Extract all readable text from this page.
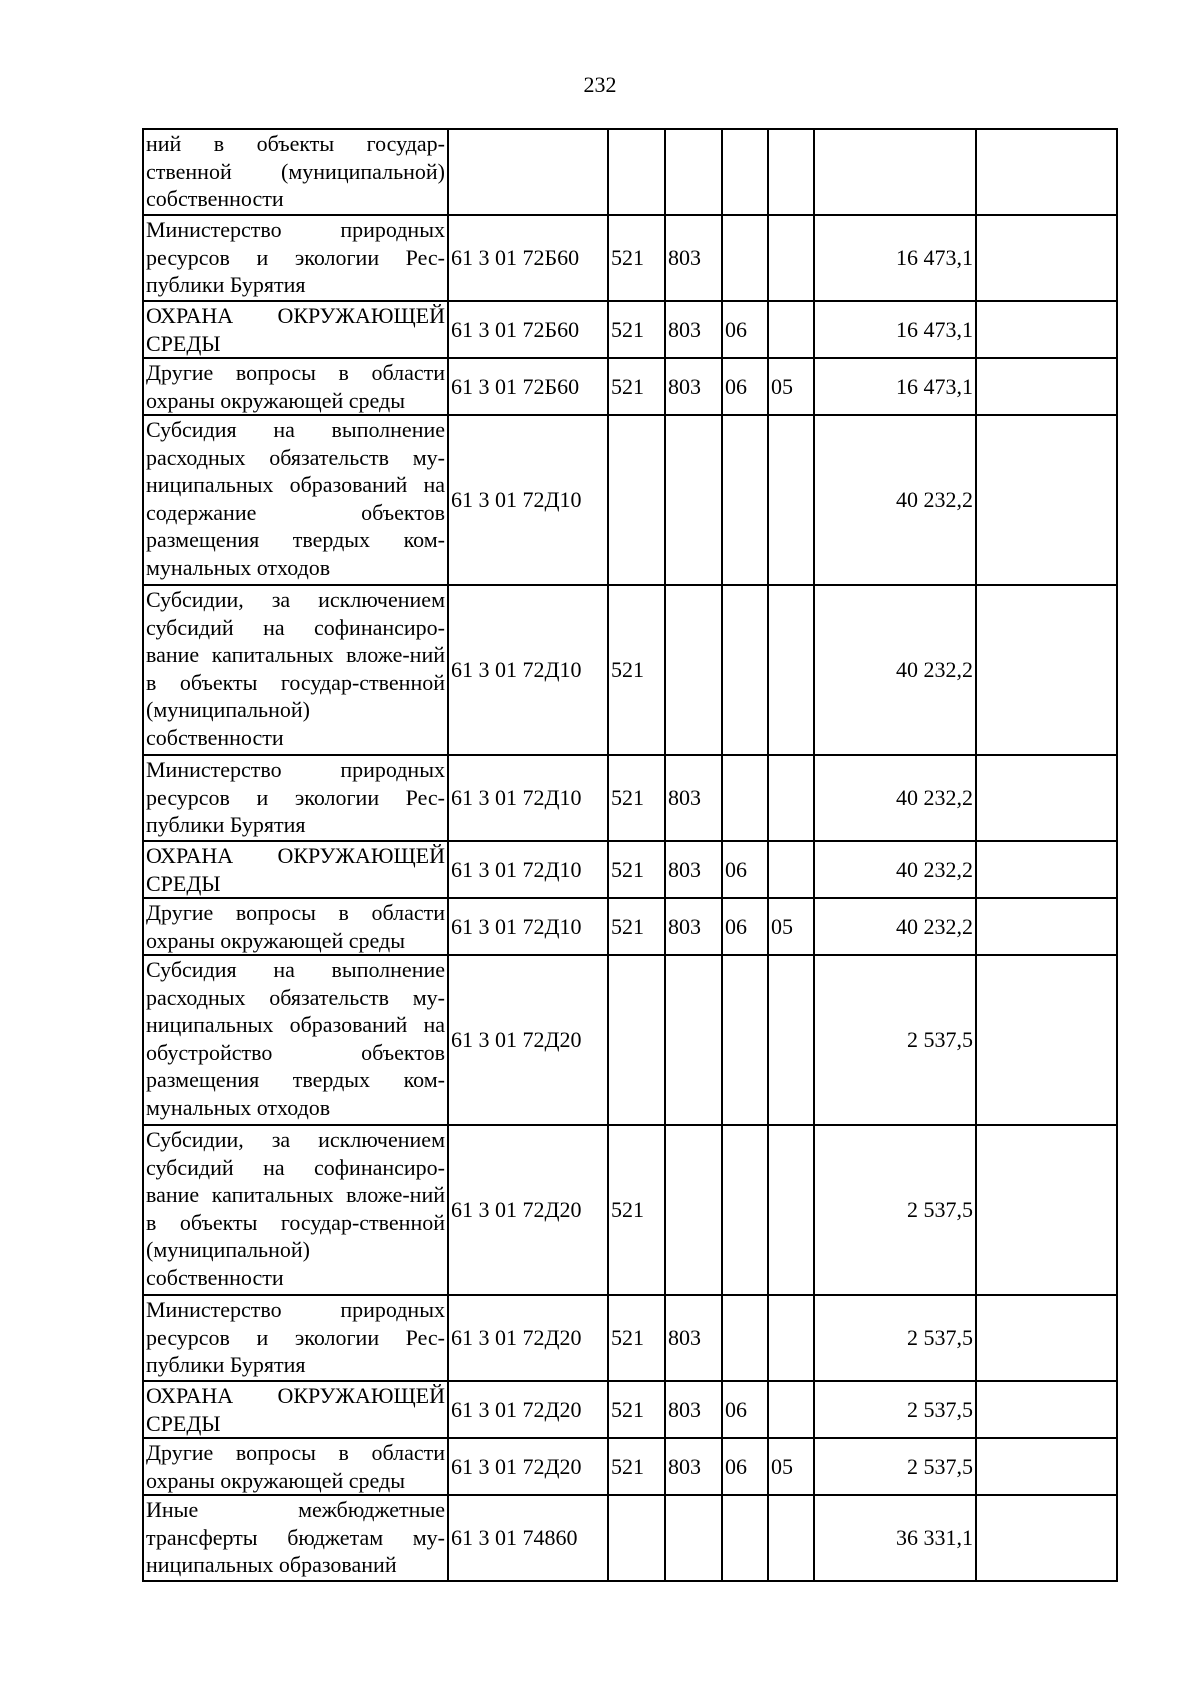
232
ний в объекты государ-ственной (муниципальной) собственности							
Министерство природных ресурсов и экологии Рес-публики Бурятия	61 3 01 72Б60	521	803			16 473,1	
ОХРАНА ОКРУЖАЮЩЕЙ СРЕДЫ	61 3 01 72Б60	521	803	06		16 473,1	
Другие вопросы в области охраны окружающей среды	61 3 01 72Б60	521	803	06	05	16 473,1	
Субсидия на выполнение расходных обязательств му-ниципальных образований на содержание объектов размещения твердых ком-мунальных отходов	61 3 01 72Д10					40 232,2	
Субсидии, за исключением субсидий на софинансиро-вание капитальных вложе-ний в объекты государ-ственной (муниципальной) собственности	61 3 01 72Д10	521				40 232,2	
Министерство природных ресурсов и экологии Рес-публики Бурятия	61 3 01 72Д10	521	803			40 232,2	
ОХРАНА ОКРУЖАЮЩЕЙ СРЕДЫ	61 3 01 72Д10	521	803	06		40 232,2	
Другие вопросы в области охраны окружающей среды	61 3 01 72Д10	521	803	06	05	40 232,2	
Субсидия на выполнение расходных обязательств му-ниципальных образований на обустройство объектов размещения твердых ком-мунальных отходов	61 3 01 72Д20					2 537,5	
Субсидии, за исключением субсидий на софинансиро-вание капитальных вложе-ний в объекты государ-ственной (муниципальной) собственности	61 3 01 72Д20	521				2 537,5	
Министерство природных ресурсов и экологии Рес-публики Бурятия	61 3 01 72Д20	521	803			2 537,5	
ОХРАНА ОКРУЖАЮЩЕЙ СРЕДЫ	61 3 01 72Д20	521	803	06		2 537,5	
Другие вопросы в области охраны окружающей среды	61 3 01 72Д20	521	803	06	05	2 537,5	
Иные межбюджетные трансферты бюджетам му-ниципальных образований	61 3 01 74860					36 331,1	
